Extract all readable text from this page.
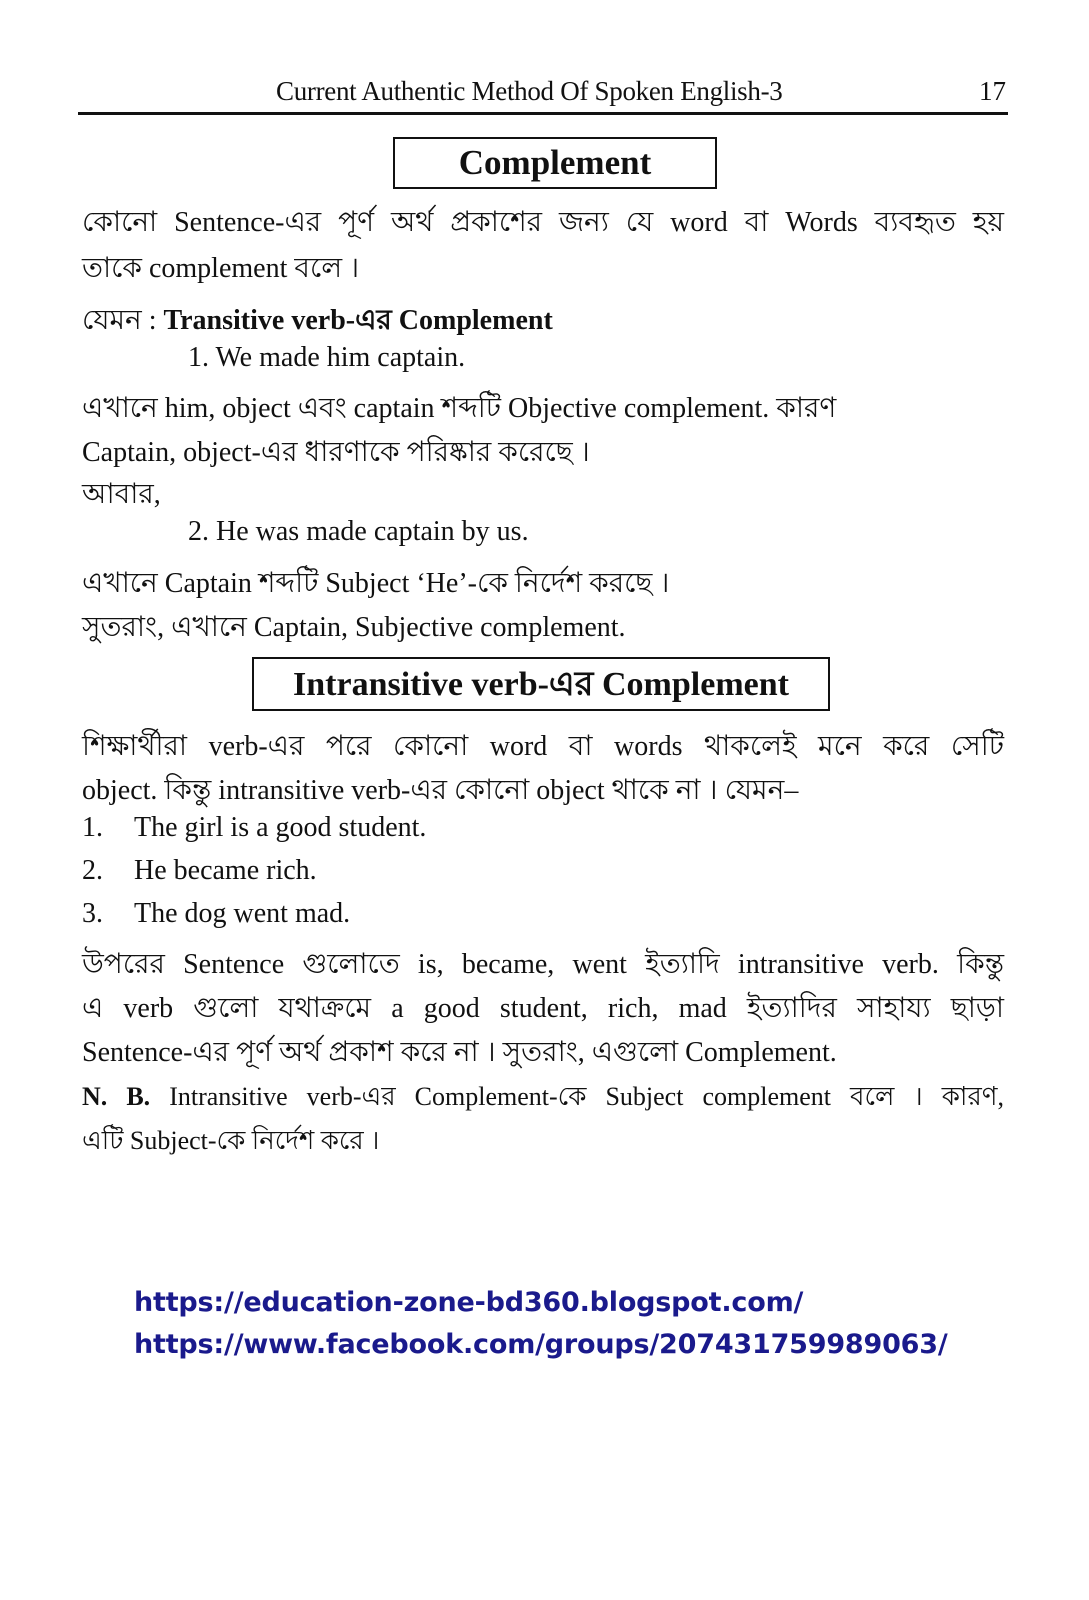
Current Authentic Method Of Spoken English-3	17
Complement
কোনো Sentence-এর পূর্ণ অর্থ প্রকাশের জন্য যে word বা Words ব্যবহৃত হয়
তাকে complement বলে ।
যেমন : Transitive verb-এর Complement
1. We made him captain.
এখানে him, object এবং captain শব্দটি Objective complement. কারণ
Captain, object-এর ধারণাকে পরিষ্কার করেছে ।
আবার,
2. He was made captain by us.
এখানে Captain শব্দটি Subject ‘He’-কে নির্দেশ করছে ।
সুতরাং, এখানে Captain, Subjective complement.
Intransitive verb-এর Complement
শিক্ষার্থীরা verb-এর পরে কোনো word বা words থাকলেই মনে করে সেটি
object. কিন্তু intransitive verb-এর কোনো object থাকে না । যেমন–
1. The girl is a good student.
2. He became rich.
3. The dog went mad.
উপরের Sentence গুলোতে is, became, went ইত্যাদি intransitive verb. কিন্তু
এ verb গুলো যথাক্রমে a good student, rich, mad ইত্যাদির সাহায্য ছাড়া
Sentence-এর পূর্ণ অর্থ প্রকাশ করে না । সুতরাং, এগুলো Complement.
N. B. Intransitive verb-এর Complement-কে Subject complement বলে । কারণ,
এটি Subject-কে নির্দেশ করে ।
https://education-zone-bd360.blogspot.com/
https://www.facebook.com/groups/207431759989063/
